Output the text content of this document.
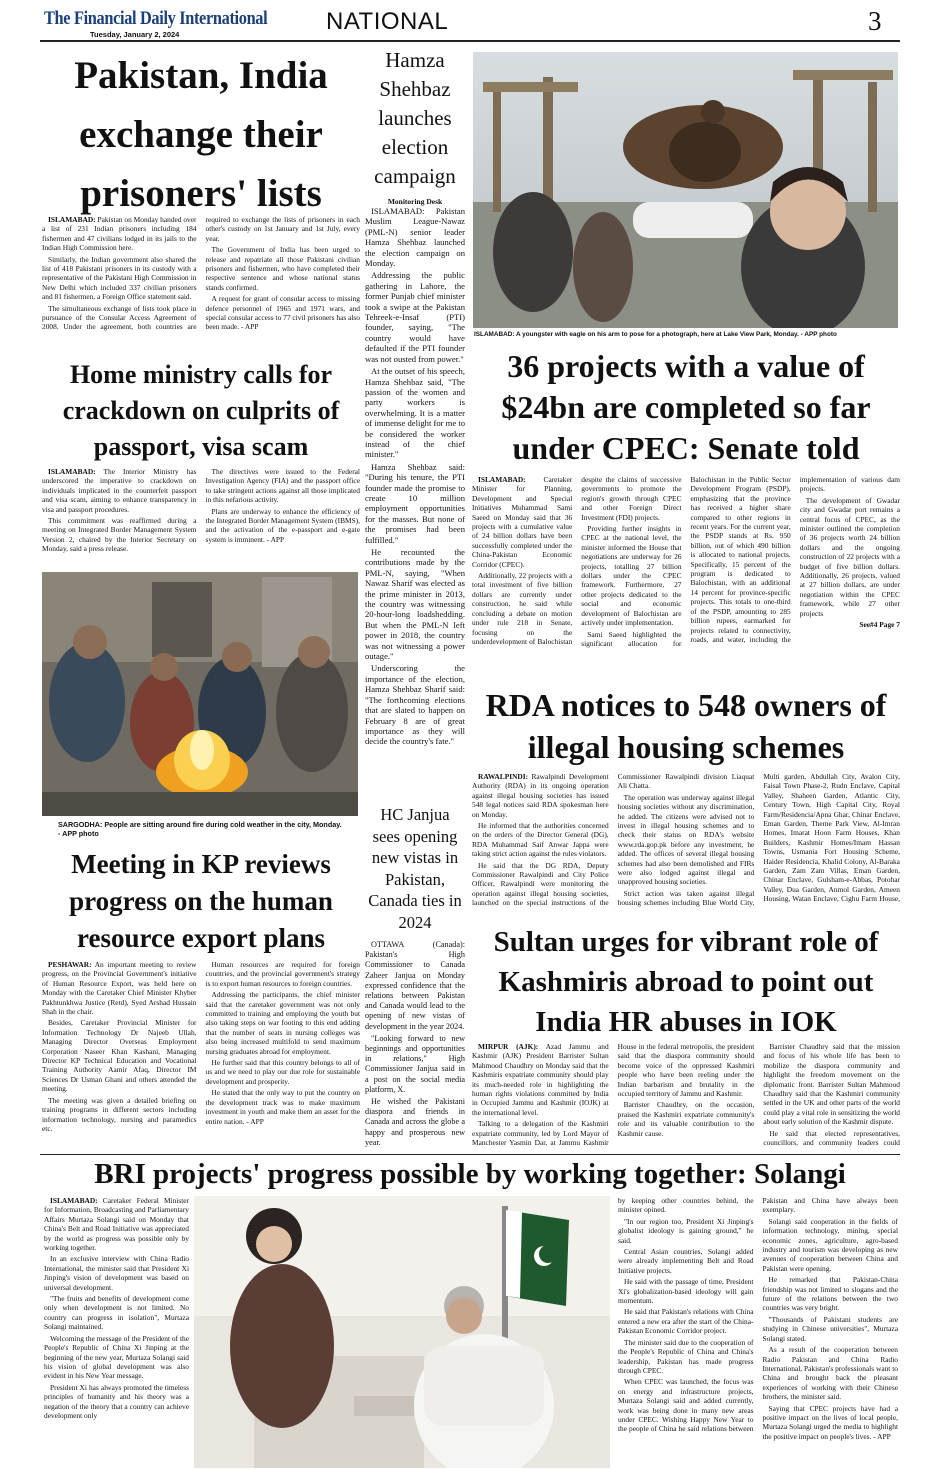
The Financial Daily International
Tuesday, January 2, 2024	NATIONAL	3
Pakistan, India exchange their prisoners' lists

ISLAMABAD: Pakistan on Monday handed over a list of 231 Indian prisoners including 184 fishermen and 47 civilians lodged in its jails to the Indian High Commission here.

Similarly, the Indian government also shared the list of 418 Pakistani prisoners in its custody with a representative of the Pakistani High Commission in New Delhi which included 337 civilian prisoners and 81 fishermen, a Foreign Office statement said.

The simultaneous exchange of lists took place in pursuance of the Consular Access Agreement of 2008. Under the agreement, both countries are required to exchange the lists of prisoners in each other's custody on 1st January and 1st July, every year.

The Government of India has been urged to release and repatriate all those Pakistani civilian prisoners and fishermen, who have completed their respective sentence and whose national status stands confirmed.

A request for grant of consular access to missing defence personnel of 1965 and 1971 wars, and special consular access to 77 civil prisoners has also been made. - APP

Hamza Shehbaz launches election campaign
Monitoring Desk

ISLAMABAD: Pakistan Muslim League-Nawaz (PML-N) senior leader Hamza Shehbaz launched the election campaign on Monday.

Addressing the public gathering in Lahore, the former Punjab chief minister took a swipe at the Pakistan Tehreek-e-Insaf (PTI) founder, saying, "The country would have defaulted if the PTI founder was not ousted from power."

At the outset of his speech, Hamza Shehbaz said, "The passion of the women and party workers is overwhelming. It is a matter of immense delight for me to be considered the worker instead of the chief minister."

Hamza Shehbaz said: "During his tenure, the PTI founder made the promise to create 10 million employment opportunities for the masses. But none of the promises had been fulfilled."

He recounted the contributions made by the PML-N, saying, "When Nawaz Sharif was elected as the prime minister in 2013, the country was witnessing 20-hour-long loadshedding. But when the PML-N left power in 2018, the country was not witnessing a power outage."

Underscoring the importance of the election, Hamza Shehbaz Sharif said: "The forthcoming elections that are slated to happen on February 8 are of great importance as they will decide the country's fate."

ISLAMABAD: A youngster with eagle on his arm to pose for a photograph, here at Lake View Park, Monday. - APP photo
Home ministry calls for crackdown on culprits of passport, visa scam

ISLAMABAD: The Interior Ministry has underscored the imperative to crackdown on individuals implicated in the counterfeit passport and visa scam, aiming to enhance transparency in visa and passport procedures.

This commitment was reaffirmed during a meeting on Integrated Border Management System Version 2, chaired by the Interior Secretary on Monday, said a press release.

The directives were issued to the Federal Investigation Agency (FIA) and the passport office to take stringent actions against all those implicated in this nefarious activity.

Plans are underway to enhance the efficiency of the Integrated Border Management System (IBMS), and the activation of the e-passport and e-gate system is imminent. - APP

36 projects with a value of $24bn are completed so far under CPEC: Senate told

ISLAMABAD: Caretaker Minister for Planning, Development and Special Initiatives Muhammad Sami Saeed on Monday said that 36 projects with a cumulative value of 24 billion dollars have been successfully completed under the China-Pakistan Economic Corridor (CPEC).

Additionally, 22 projects with a total investment of five billion dollars are currently under construction, he said while concluding a debate on motion under rule 218 in Senate, focusing on the underdevelopment of Balochistan despite the claims of successive governments to promote the region's growth through CPEC and other Foreign Direct Investment (FDI) projects.

Providing further insights in CPEC at the national level, the minister informed the House that negotiations are underway for 26 projects, totalling 27 billion dollars under the CPEC framework. Furthermore, 27 other projects dedicated to the social and economic development of Balochistan are actively under implementation.

Sami Saeed highlighted the significant allocation for Balochistan in the Public Sector Development Program (PSDP), emphasizing that the province has received a higher share compared to other regions in recent years. For the current year, the PSDP stands at Rs. 950 billion, out of which 490 billion is allocated to national projects. Specifically, 15 percent of the program is dedicated to Balochistan, with an additional 14 percent for province-specific projects. This totals to one-third of the PSDP, amounting to 285 billion rupees, earmarked for projects related to connectivity, roads, and water, including the implementation of various dam projects.

The development of Gwadar city and Gwadar port remains a central focus of CPEC, as the minister outlined the completion of 36 projects worth 24 billion dollars and the ongoing construction of 22 projects with a budget of five billion dollars. Additionally, 26 projects, valued at 27 billion dollars, are under negotiation within the CPEC framework, while 27 other projects

See#4 Page 7

SARGODHA: People are sitting around fire during cold weather in the city, Monday. - APP photo
RDA notices to 548 owners of illegal housing schemes

RAWALPINDI: Rawalpindi Development Authority (RDA) in its ongoing operation against illegal housing societies has issued 548 legal notices said RDA spokesman here on Monday.

He informed that the authorities concerned on the orders of the Director General (DG), RDA Muhammad Saif Anwar Jappa were taking strict action against the rules violators.

He said that the DG RDA, Deputy Commissioner Rawalpindi and City Police Officer, Rawalpindi were monitoring the operation against illegal housing societies, launched on the special instructions of the Commissioner Rawalpindi division Liaquat Ali Chatta.

The operation was underway against illegal housing societies without any discrimination, he added. The citizens were advised not to invest in illegal housing schemes and to check their status on RDA's website www.rda.gop.pk before any investment, he added. The offices of several illegal housing schemes had also been demolished and FIRs were also lodged against illegal and unapproved housing societies.

Strict action was taken against illegal housing schemes including Blue World City, Multi garden, Abdullah City, Avalon City, Faisal Town Phase-2, Rudn Enclave, Capital Valley, Shaheen Garden, Atlantic City, Century Town, High Capital City, Royal Farm/Residencia/Apna Ghar, Chinar Enclave, Eman Garden, Theme Park View, Al-Imran Homes, Imarat Hoon Farm Houses, Khan Builders, Kashmir Homes/Imam Hassan Towns, Usmania Fort Housing Scheme, Haider Residencia, Khalid Colony, Al-Baraka Garden, Zam Zam Villas, Eman Garden, Chinar Enclave, Gulsham-e-Abbas, Potohar Valley, Dua Garden, Anmol Garden, Ameen Housing, Watan Enclave, Cighu Farm House,

HC Janjua sees opening new vistas in Pakistan, Canada ties in 2024

OTTAWA (Canada): Pakistan's High Commissioner to Canada Zaheer Janjua on Monday expressed confidence that the relations between Pakistan and Canada would lead to the opening of new vistas of development in the year 2024.

"Looking forward to new beginnings and opportunities in relations," High Commissioner Janjua said in a post on the social media platform, X.

He wished the Pakistani diaspora and friends in Canada and across the globe a happy and prosperous new year.

Meeting in KP reviews progress on the human resource export plans

PESHAWAR: An important meeting to review progress, on the Provincial Government's initiative of Human Resource Export, was held here on Monday with the Caretaker Chief Minister Khyber Pakhtunkhwa Justice (Retd), Syed Arshad Hussain Shah in the chair.

Besides, Caretaker Provincial Minister for Information Technology Dr Najeeb Ullah, Managing Director Overseas Employment Corporation Naseer Khan Kashani, Managing Director KP Technical Education and Vocational Training Authority Aamir Afaq, Director IM Sciences Dr Usman Ghani and others attended the meeting.

The meeting was given a detailed briefing on training programs in different sectors including information technology, nursing and paramedics etc.

Human resources are required for foreign countries, and the provincial government's strategy is to export human resources to foreign countries.

Addressing the participants, the chief minister said that the caretaker government was not only committed to training and employing the youth but also taking steps on war footing to this end adding that the number of seats in nursing colleges was also being increased multifold to send maximum nursing graduates abroad for employment.

He further said that this country belongs to all of us and we need to play our due role for sustainable development and prosperity.

He stated that the only way to put the country on the development track was to make maximum investment in youth and make them an asset for the entire nation. - APP

Sultan urges for vibrant role of Kashmiris abroad to point out India HR abuses in IOK

MIRPUR (AJK): Azad Jammu and Kashmir (AJK) President Barrister Sultan Mahmood Chaudhry on Monday said that the Kashmiris expatriate community should play its much-needed role in highlighting the human rights violations committed by India in Occupied Jammu and Kashmir (IOJK) at the international level.

Talking to a delegation of the Kashmiri expatriate community, led by Lord Mayor of Manchester Yasmin Dar, at Jammu Kashmir House in the federal metropolis, the president said that the diaspora community should become voice of the oppressed Kashmiri people who have been reeling under the Indian barbarism and brutality in the occupied territory of Jammu and Kashmir.

Barrister Chaudhry, on the occasion, praised the Kashmiri expatriate community's role and its valuable contribution to the Kashmir cause.

Barrister Chaudhry said that the mission and focus of his whole life has been to mobilize the diaspora community and highlight the freedom movement on the diplomatic front. Barrister Sultan Mahmood Chaudhry said that the Kashmiri community settled in the UK and other parts of the world could play a vital role in sensitizing the world about early solution of the Kashmir dispute.

He said that elected representatives, councillors, and community leaders could

BRI projects' progress possible by working together: Solangi

ISLAMABAD: Caretaker Federal Minister for Information, Broadcasting and Parliamentary Affairs Murtaza Solangi said on Monday that China's Belt and Road Initiative was appreciated by the world as progress was possible only by working together.

In an exclusive interview with China Radio International, the minister said that President Xi Jinping's vision of development was based on universal development.

"The fruits and benefits of development come only when development is not limited. No country can progress in isolation", Murtaza Solangi maintained.

Welcoming the message of the President of the People's Republic of China Xi Jinping at the beginning of the new year, Murtaza Solangi said his vision of global development was also evident in his New Year message.

President Xi has always promoted the timeless principles of humanity and his theory was a negation of the theory that a country can achieve development only

by keeping other countries behind, the minister opined.

"In our region too, President Xi Jinping's globalist ideology is gaining ground," he said.

Central Asian countries, Solangi added were already implementing Belt and Road Initiative projects.

He said with the passage of time, President Xi's globalization-based ideology will gain momentum.

He said that Pakistan's relations with China entered a new era after the start of the China-Pakistan Economic Corridor project.

The minister said due to the cooperation of the People's Republic of China and China's leadership, Pakistan has made progress through CPEC.

When CPEC was launched, the focus was on energy and infrastructure projects, Murtaza Solangi said and added currently, work was being done in many new areas under CPEC. Wishing Happy New Year to the people of China he said relations between Pakistan and China have always been exemplary.

Solangi said cooperation in the fields of information technology, mining, special economic zones, agriculture, agro-based industry and tourism was developing as new avenues of cooperation between China and Pakistan were opening.

He remarked that Pakistan-China friendship was not limited to slogans and the future of the relations between the two countries was very bright.

"Thousands of Pakistani students are studying in Chinese universities", Murtaza Solangi stated.

As a result of the cooperation between Radio Pakistan and China Radio International, Pakistan's professionals want to China and brought back the pleasant experiences of working with their Chinese brothers, the minister said.

Saying that CPEC projects have had a positive impact on the lives of local people, Murtaza Solangi urged the media to highlight the positive impact on people's lives. - APP
